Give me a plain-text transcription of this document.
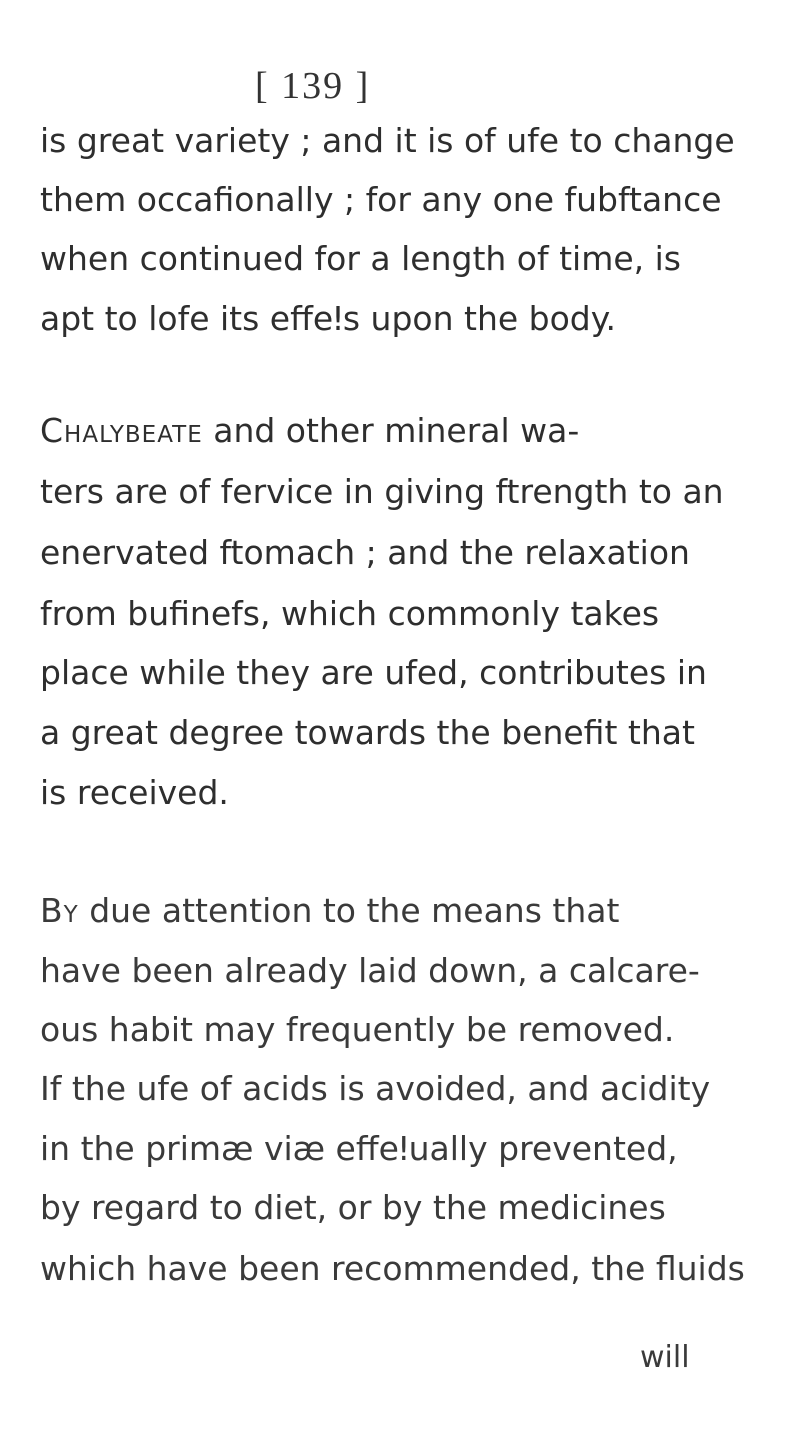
[ 139 ]
is great variety ; and it is of ufe to change
them occafionally ; for any one fubftance
when continued for a length of time, is
apt to lofe its effeǃs upon the body.
Chalybeate and other mineral wa-
ters are of fervice in giving ftrength to an
enervated ftomach ; and the relaxation
from bufinefs, which commonly takes
place while they are ufed, contributes in
a great degree towards the benefit that
is received.
By due attention to the means that
have been already laid down, a calcare-
ous habit may frequently be removed.
If the ufe of acids is avoided, and acidity
in the primæ viæ effeǃually prevented,
by regard to diet, or by the medicines
which have been recommended, the fluids
will
